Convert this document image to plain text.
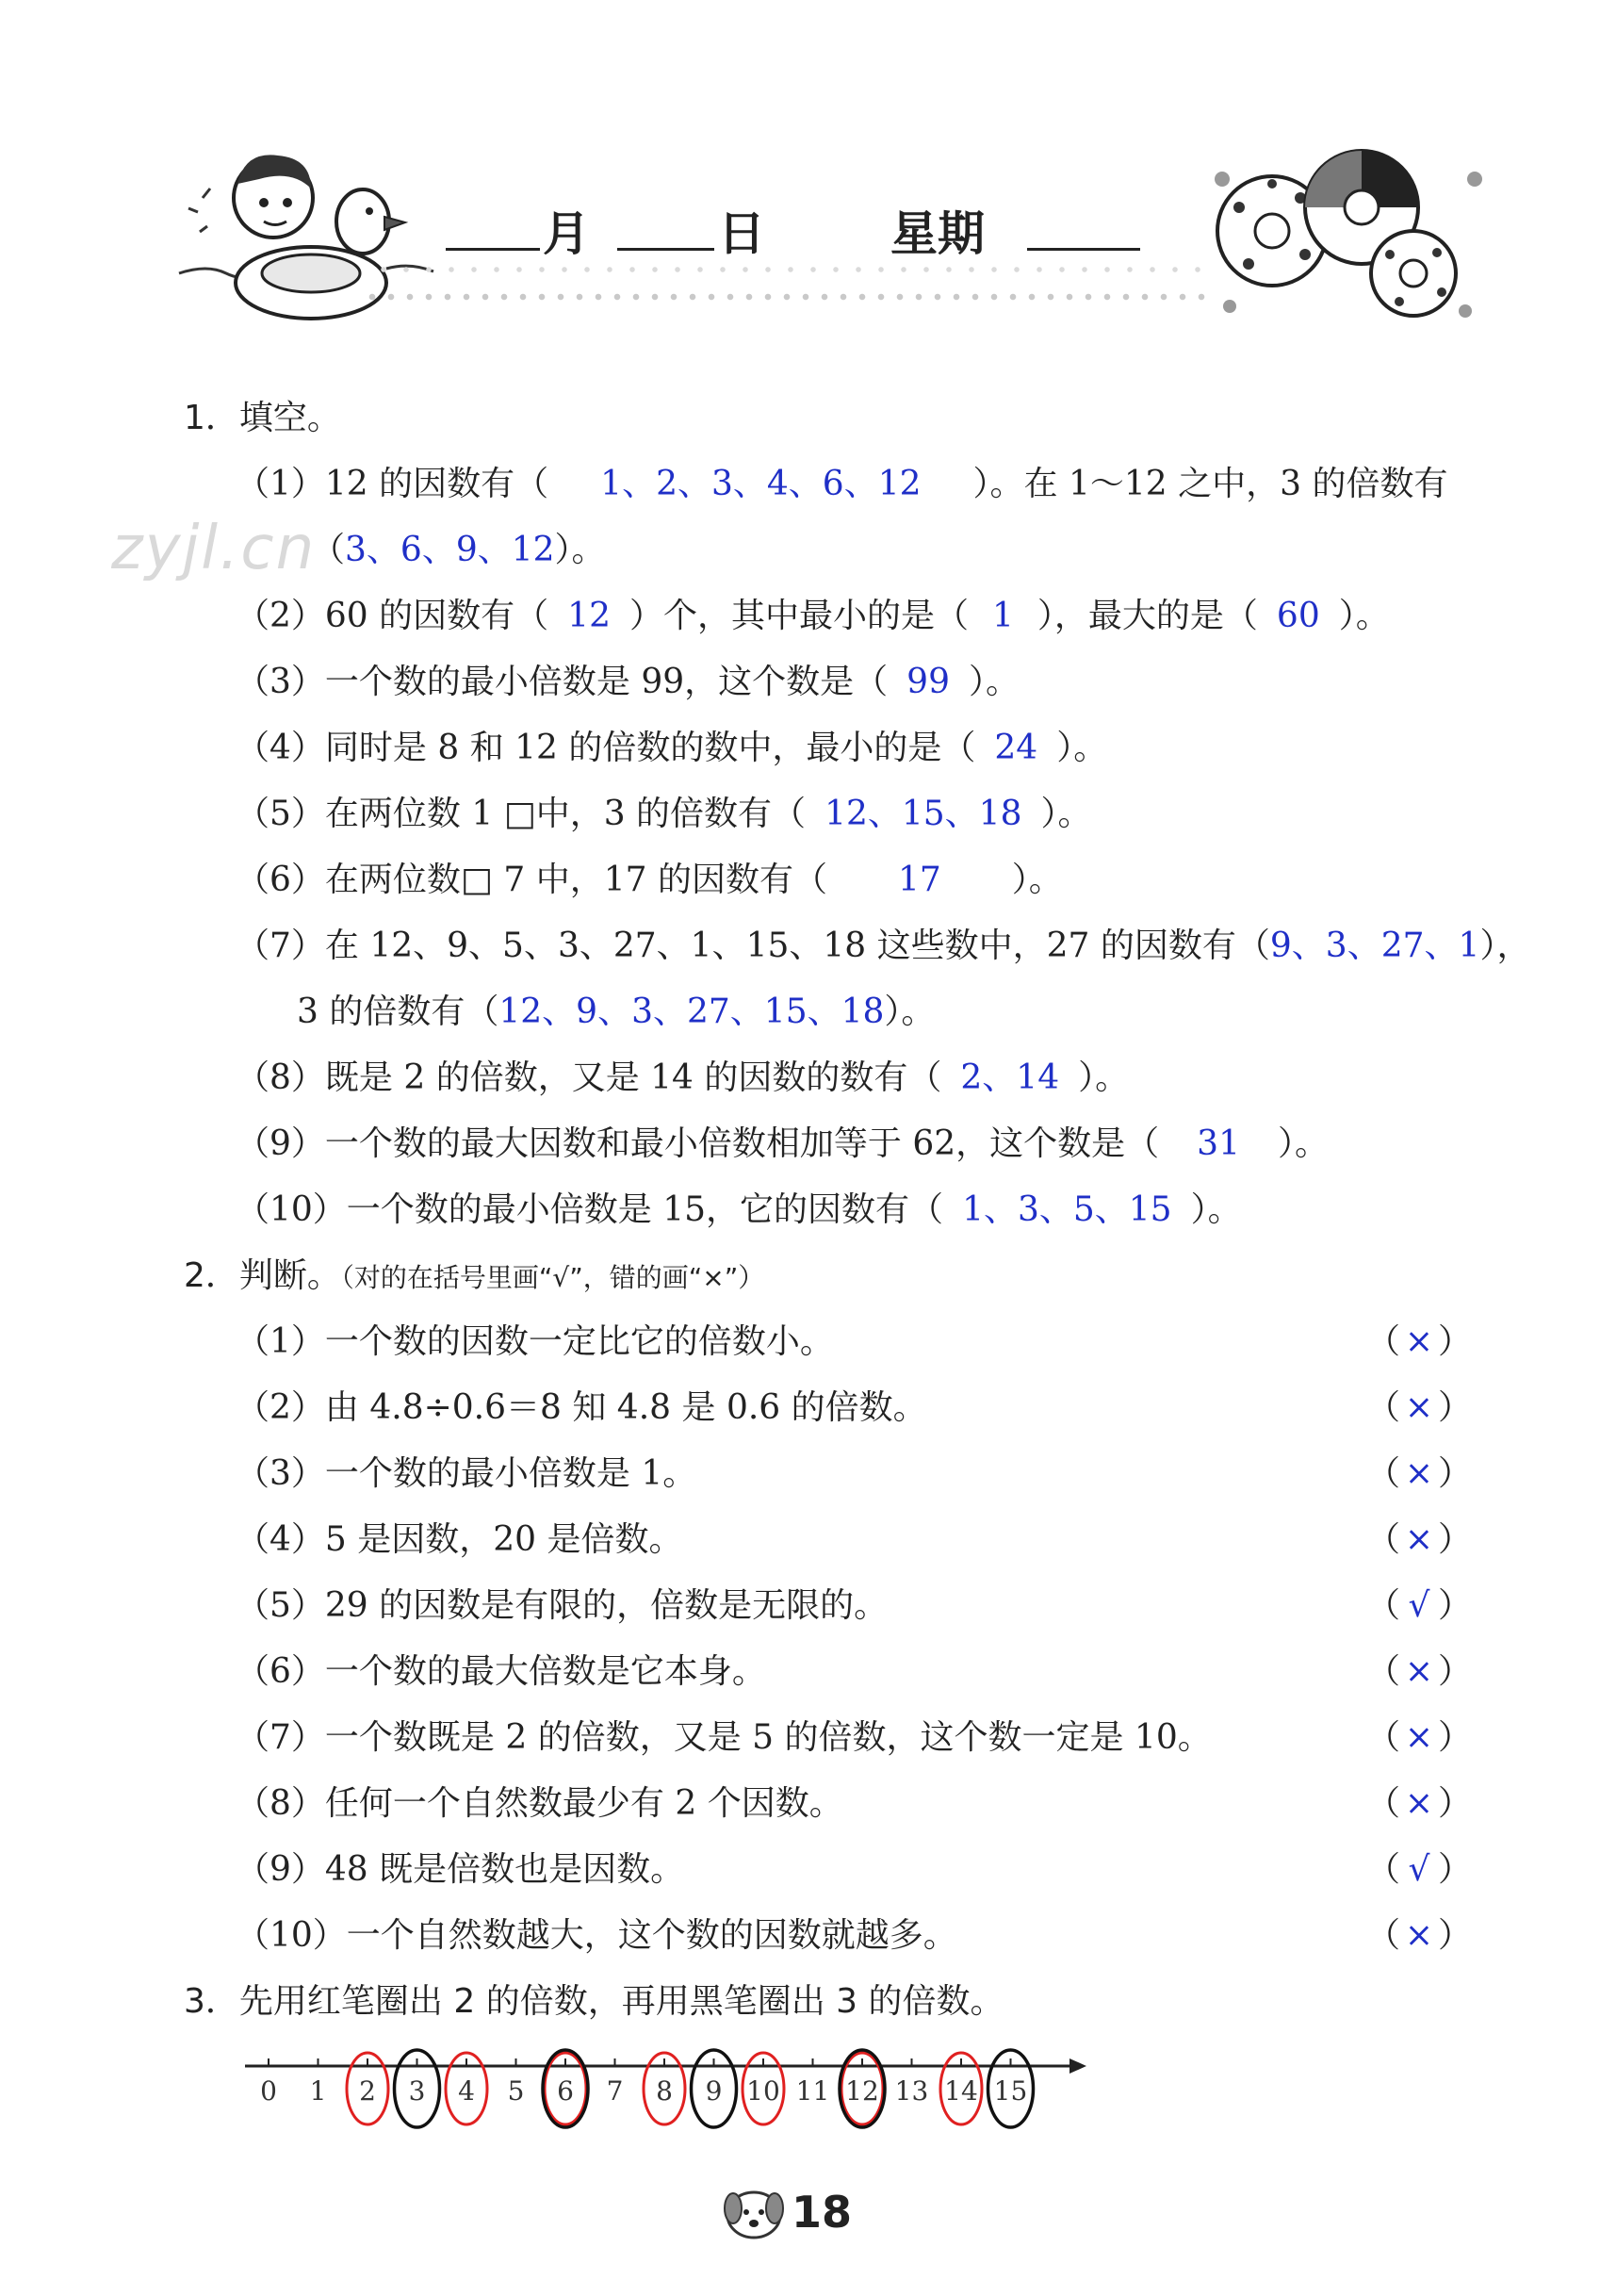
月	日	星期
zyjl.cn
1．填空。
（1）12 的因数有（ 1、2、3、4、6、12 ）。在 1～12 之中，3 的倍数有
（3、6、9、12）。
（2）60 的因数有（ 12 ）个，其中最小的是（ 1 ），最大的是（ 60 ）。
（3）一个数的最小倍数是 99，这个数是（ 99 ）。
（4）同时是 8 和 12 的倍数的数中，最小的是（ 24 ）。
（5）在两位数 1 □中，3 的倍数有（ 12、15、18 ）。
（6）在两位数□ 7 中，17 的因数有（ 17 ）。
（7）在 12、9、5、3、27、1、15、18 这些数中，27 的因数有（9、3、27、1），
3 的倍数有（12、9、3、27、15、18）。
（8）既是 2 的倍数，又是 14 的因数的数有（ 2、14 ）。
（9）一个数的最大因数和最小倍数相加等于 62，这个数是（ 31 ）。
（10）一个数的最小倍数是 15，它的因数有（ 1、3、5、15 ）。
2．判断。（对的在括号里画“√”，错的画“×”）
（1）一个数的因数一定比它的倍数小。	（ × ）
（2）由 4.8÷0.6＝8 知 4.8 是 0.6 的倍数。	（ × ）
（3）一个数的最小倍数是 1。	（ × ）
（4）5 是因数，20 是倍数。	（ × ）
（5）29 的因数是有限的，倍数是无限的。	（ √ ）
（6）一个数的最大倍数是它本身。	（ × ）
（7）一个数既是 2 的倍数，又是 5 的倍数，这个数一定是 10。	（ × ）
（8）任何一个自然数最少有 2 个因数。	（ × ）
（9）48 既是倍数也是因数。	（ √ ）
（10）一个自然数越大，这个数的因数就越多。	（ × ）
3．先用红笔圈出 2 的倍数，再用黑笔圈出 3 的倍数。
0 1 2 3 4 5 6 7 8 9 10 11 12 13 14 15
18
